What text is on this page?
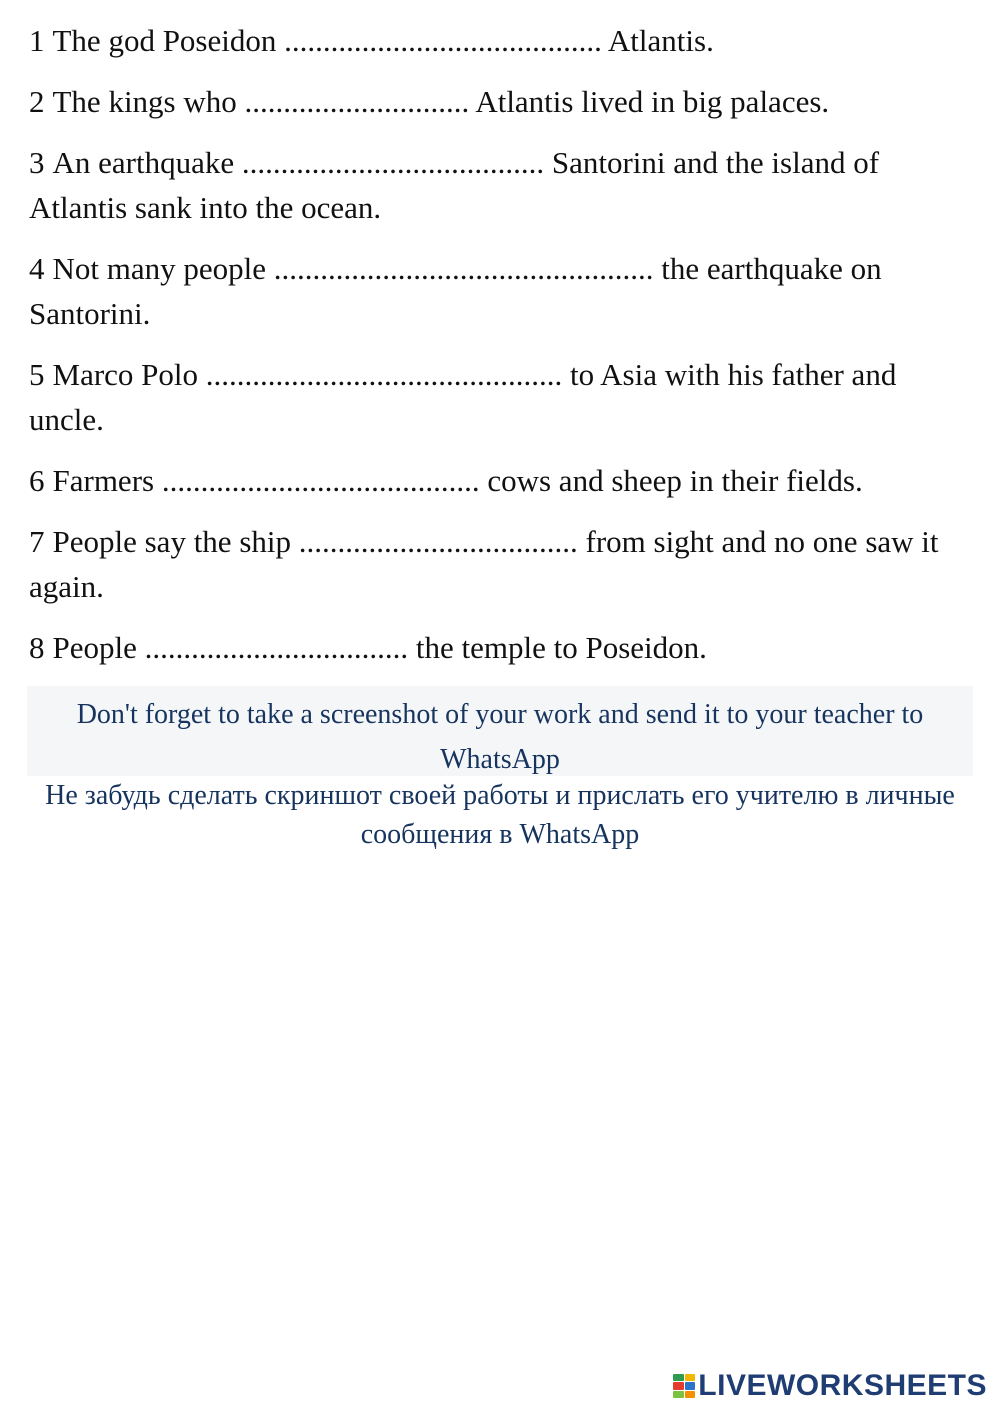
1 The god Poseidon ......................................... Atlantis.

2 The kings who ............................. Atlantis lived in big palaces.

3 An earthquake ....................................... Santorini and the island of Atlantis sank into the ocean.

4 Not many people ................................................. the earthquake on Santorini.

5 Marco Polo .............................................. to Asia with his father and uncle.

6 Farmers ......................................... cows and sheep in their fields.

7 People say the ship .................................... from sight and no one saw it again.

8 People .................................. the temple to Poseidon.

Don't forget to take a screenshot of your work and send it to your teacher to WhatsApp
Не забудь сделать скриншот своей работы и прислать его учителю в личные сообщения в WhatsApp
LIVEWORKSHEETS
